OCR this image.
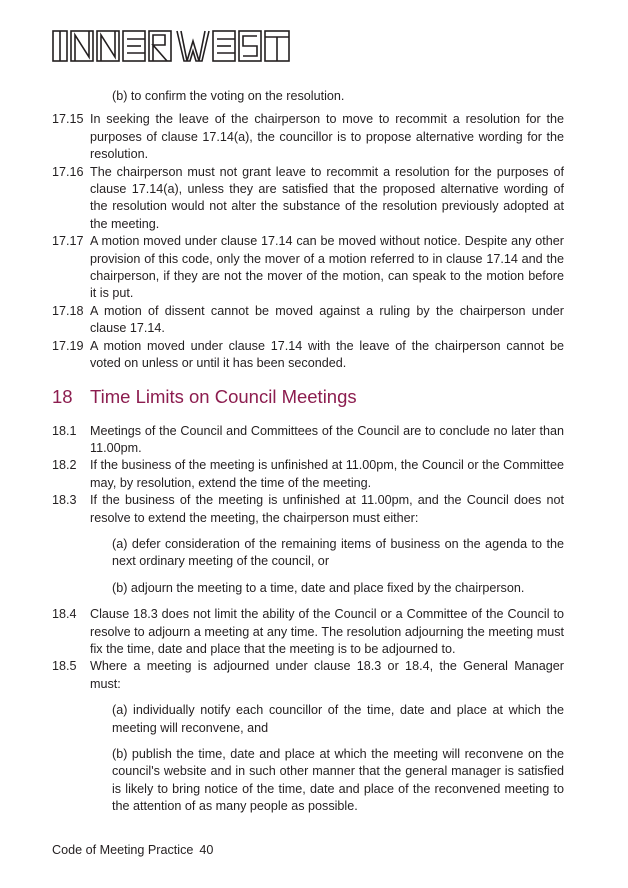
(b) to confirm the voting on the resolution.
17.15 In seeking the leave of the chairperson to move to recommit a resolution for the purposes of clause 17.14(a), the councillor is to propose alternative wording for the resolution.
17.16 The chairperson must not grant leave to recommit a resolution for the purposes of clause 17.14(a), unless they are satisfied that the proposed alternative wording of the resolution would not alter the substance of the resolution previously adopted at the meeting.
17.17 A motion moved under clause 17.14 can be moved without notice. Despite any other provision of this code, only the mover of a motion referred to in clause 17.14 and the chairperson, if they are not the mover of the motion, can speak to the motion before it is put.
17.18 A motion of dissent cannot be moved against a ruling by the chairperson under clause 17.14.
17.19 A motion moved under clause 17.14 with the leave of the chairperson cannot be voted on unless or until it has been seconded.
18 Time Limits on Council Meetings
18.1	Meetings of the Council and Committees of the Council are to conclude no later than 11.00pm.
18.2	If the business of the meeting is unfinished at 11.00pm, the Council or the Committee may, by resolution, extend the time of the meeting.
18.3	If the business of the meeting is unfinished at 11.00pm, and the Council does not resolve to extend the meeting, the chairperson must either:
(a) defer consideration of the remaining items of business on the agenda to the next ordinary meeting of the council, or
(b) adjourn the meeting to a time, date and place fixed by the chairperson.
18.4	Clause 18.3 does not limit the ability of the Council or a Committee of the Council to resolve to adjourn a meeting at any time. The resolution adjourning the meeting must fix the time, date and place that the meeting is to be adjourned to.
18.5	Where a meeting is adjourned under clause 18.3 or 18.4, the General Manager must:
(a) individually notify each councillor of the time, date and place at which the meeting will reconvene, and
(b) publish the time, date and place at which the meeting will reconvene on the council's website and in such other manner that the general manager is satisfied is likely to bring notice of the time, date and place of the reconvened meeting to the attention of as many people as possible.
Code of Meeting Practice 40
